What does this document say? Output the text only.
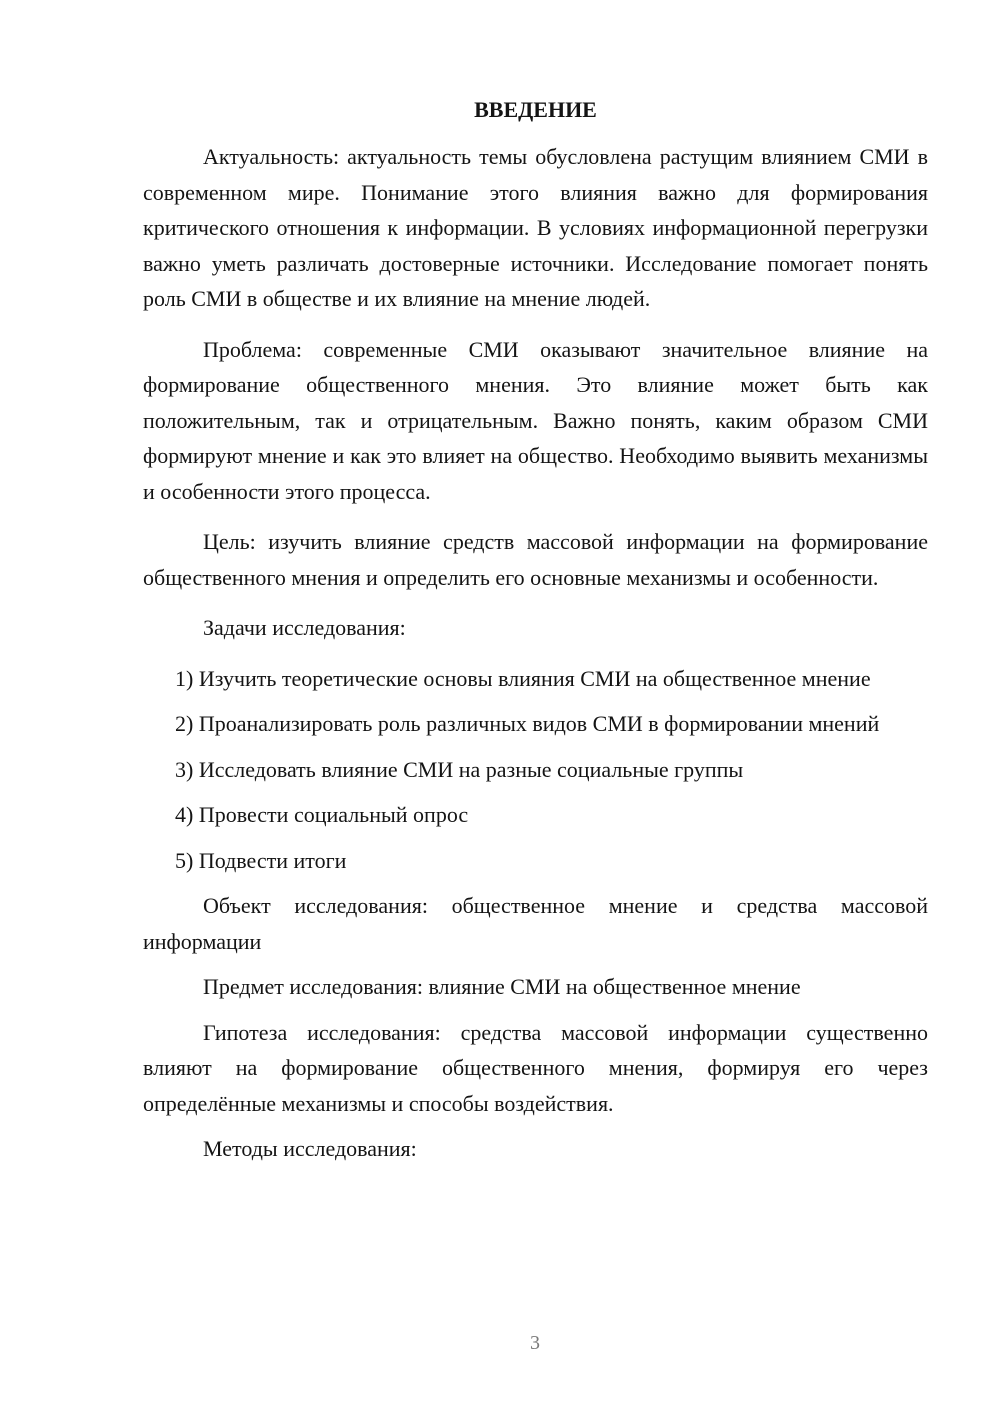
ВВЕДЕНИЕ

Актуальность: актуальность темы обусловлена растущим влиянием СМИ в современном мире. Понимание этого влияния важно для формирования критического отношения к информации. В условиях информационной перегрузки важно уметь различать достоверные источники. Исследование помогает понять роль СМИ в обществе и их влияние на мнение людей.

Проблема: современные СМИ оказывают значительное влияние на формирование общественного мнения. Это влияние может быть как положительным, так и отрицательным. Важно понять, каким образом СМИ формируют мнение и как это влияет на общество. Необходимо выявить механизмы и особенности этого процесса.

Цель: изучить влияние средств массовой информации на формирование общественного мнения и определить его основные механизмы и особенности.

Задачи исследования:

1) Изучить теоретические основы влияния СМИ на общественное мнение

2) Проанализировать роль различных видов СМИ в формировании мнений

3) Исследовать влияние СМИ на разные социальные группы

4) Провести социальный опрос

5) Подвести итоги

Объект исследования: общественное мнение и средства массовой информации

Предмет исследования: влияние СМИ на общественное мнение

Гипотеза исследования: средства массовой информации существенно влияют на формирование общественного мнения, формируя его через определённые механизмы и способы воздействия.

Методы исследования:

3
